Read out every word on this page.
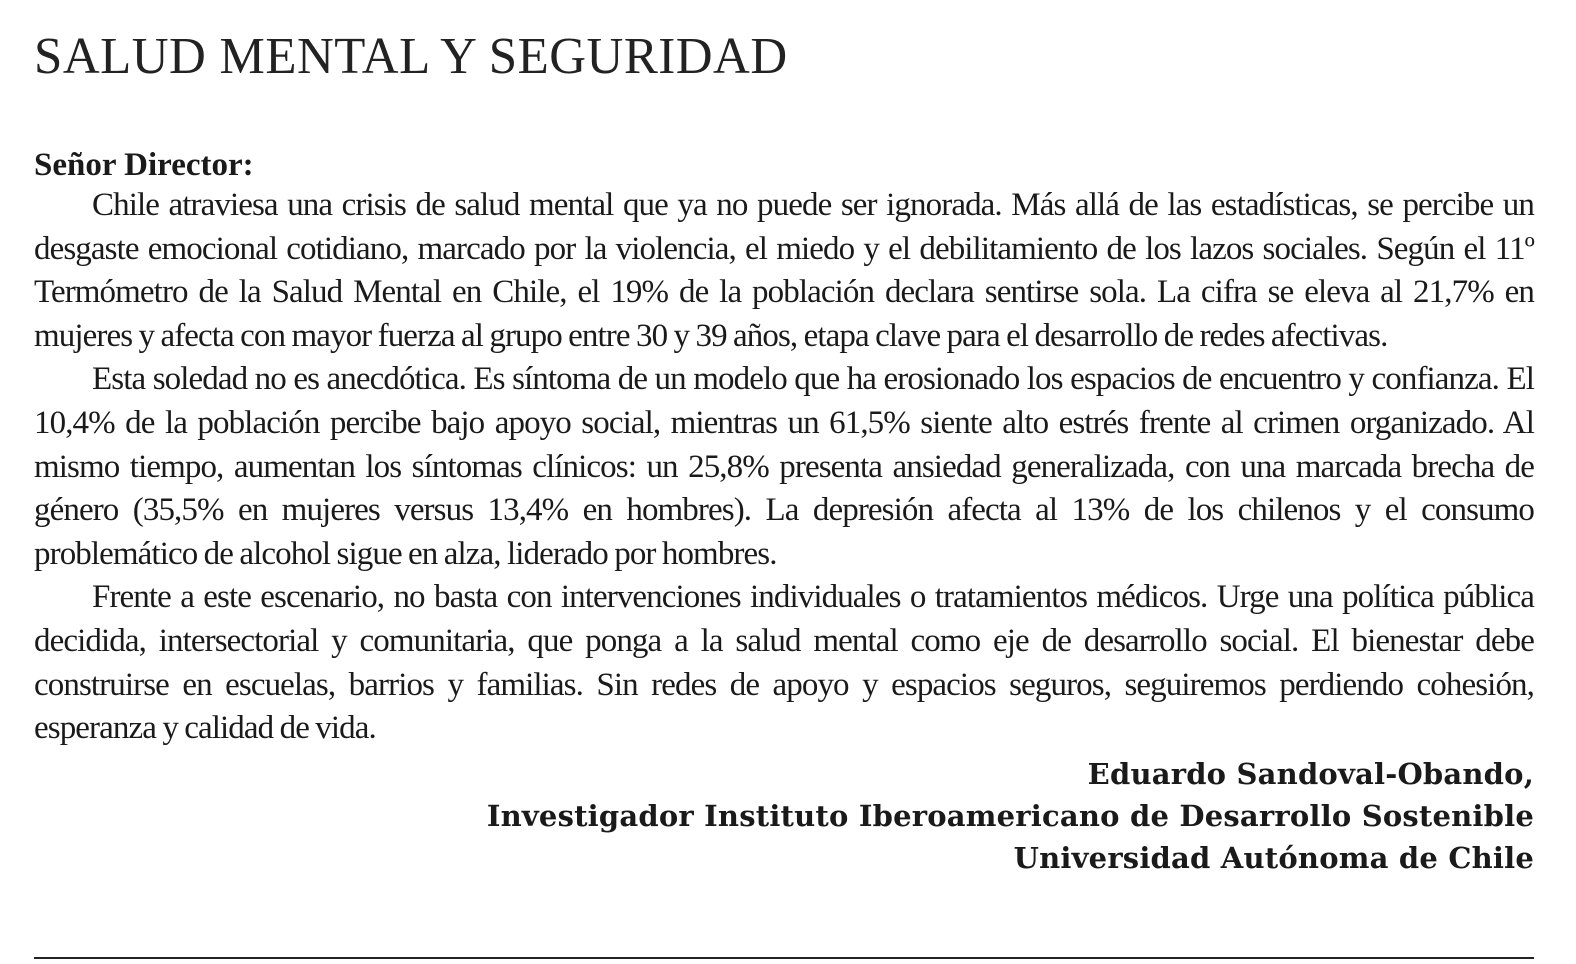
SALUD MENTAL Y SEGURIDAD
Señor Director:

Chile atraviesa una crisis de salud mental que ya no puede ser ignorada. Más allá de las estadísticas, se percibe un desgaste emocional cotidiano, marcado por la violencia, el miedo y el debilitamiento de los lazos sociales. Según el 11º Termómetro de la Salud Mental en Chile, el 19% de la población declara sentirse sola. La cifra se eleva al 21,7% en mujeres y afecta con mayor fuerza al grupo entre 30 y 39 años, etapa clave para el desarrollo de redes afectivas.

Esta soledad no es anecdótica. Es síntoma de un modelo que ha erosionado los espacios de encuentro y confianza. El 10,4% de la población percibe bajo apoyo social, mientras un 61,5% siente alto estrés frente al crimen organizado. Al mismo tiempo, aumentan los síntomas clínicos: un 25,8% presenta ansiedad generalizada, con una marcada brecha de género (35,5% en mujeres versus 13,4% en hombres). La depresión afecta al 13% de los chilenos y el consumo problemático de alcohol sigue en alza, liderado por hombres.

Frente a este escenario, no basta con intervenciones individuales o tratamientos médicos. Urge una política pública decidida, intersectorial y comunitaria, que ponga a la salud mental como eje de desarrollo social. El bienestar debe construirse en escuelas, barrios y familias. Sin redes de apoyo y espacios seguros, seguiremos perdiendo cohesión, esperanza y calidad de vida.

Eduardo Sandoval-Obando,
Investigador Instituto Iberoamericano de Desarrollo Sostenible
Universidad Autónoma de Chile
